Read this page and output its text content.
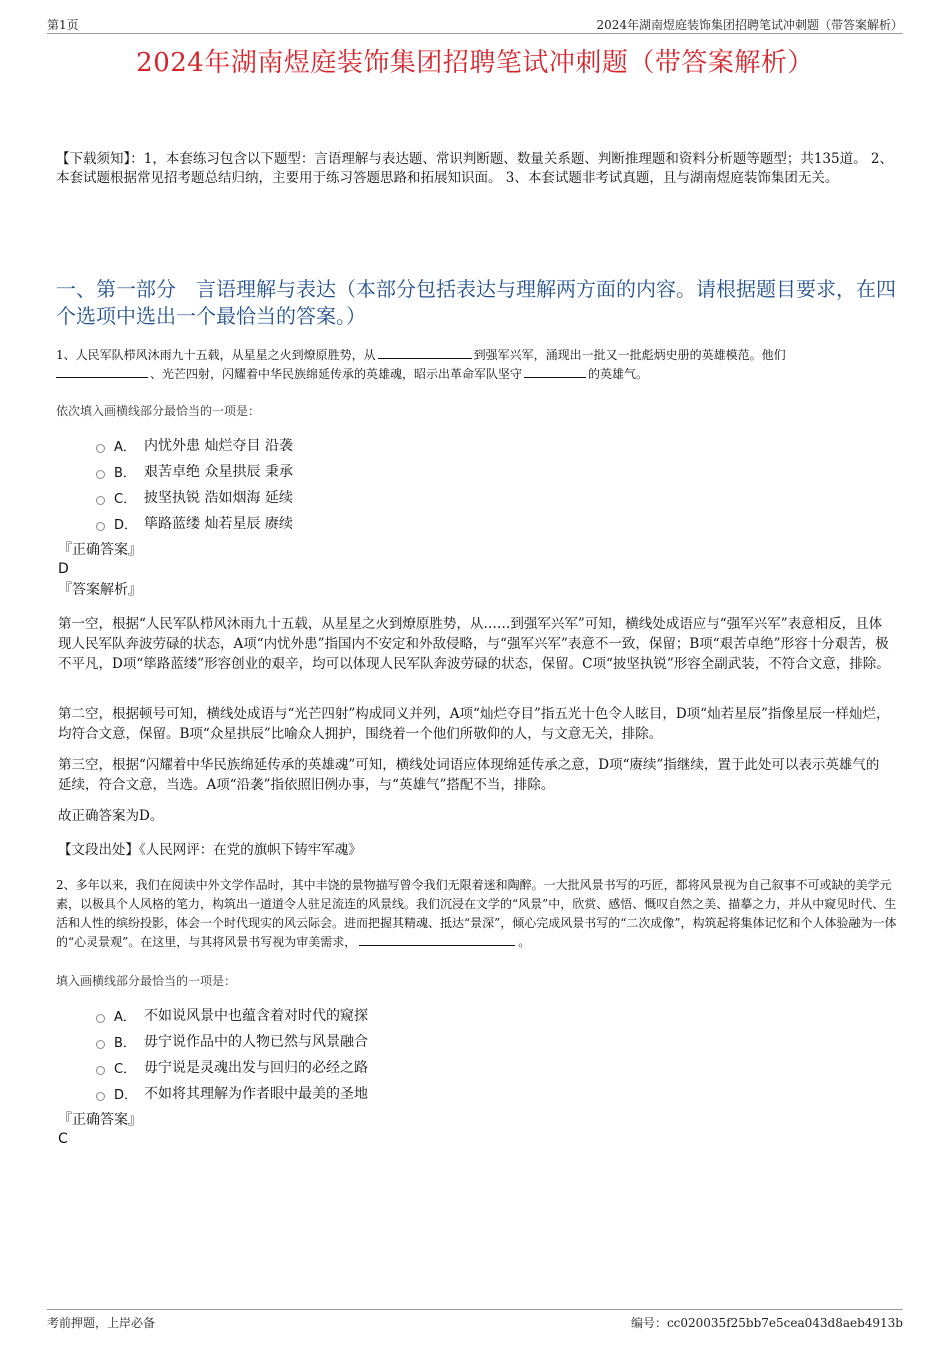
第1页	2024年湖南煜庭装饰集团招聘笔试冲刺题（带答案解析）
2024年湖南煜庭装饰集团招聘笔试冲刺题（带答案解析）
【下载须知】：1，本套练习包含以下题型：言语理解与表达题、常识判断题、数量关系题、判断推理题和资料分析题等题型；共135道。 2、本套试题根据常见招考题总结归纳，主要用于练习答题思路和拓展知识面。 3、本套试题非考试真题，且与湖南煜庭装饰集团无关。
一、第一部分　言语理解与表达（本部分包括表达与理解两方面的内容。请根据题目要求，在四个选项中选出一个最恰当的答案。）
1、人民军队栉风沐雨九十五载，从星星之火到燎原胜势，从	到强军兴军，涌现出一批又一批彪炳史册的英雄模范。他们
、光芒四射，闪耀着中华民族绵延传承的英雄魂，昭示出革命军队坚守	的英雄气。
依次填入画横线部分最恰当的一项是：
A． 内忧外患 灿烂夺目 沿袭
B． 艰苦卓绝 众星拱辰 秉承
C． 披坚执锐 浩如烟海 延续
D． 筚路蓝缕 灿若星辰 赓续
『正确答案』
D
『答案解析』
第一空，根据“人民军队栉风沐雨九十五载，从星星之火到燎原胜势，从……到强军兴军”可知，横线处成语应与“强军兴军”表意相反，且体现人民军队奔波劳碌的状态，A项“内忧外患”指国内不安定和外敌侵略，与“强军兴军”表意不一致，保留；B项“艰苦卓绝”形容十分艰苦，极不平凡，D项“筚路蓝缕”形容创业的艰辛，均可以体现人民军队奔波劳碌的状态，保留。C项“披坚执锐”形容全副武装，不符合文意，排除。
第二空，根据顿号可知，横线处成语与“光芒四射”构成同义并列，A项“灿烂夺目”指五光十色令人眩目，D项“灿若星辰”指像星辰一样灿烂，均符合文意，保留。B项“众星拱辰”比喻众人拥护，围绕着一个他们所敬仰的人，与文意无关，排除。
第三空，根据“闪耀着中华民族绵延传承的英雄魂”可知，横线处词语应体现绵延传承之意，D项“赓续”指继续，置于此处可以表示英雄气的延续，符合文意，当选。A项“沿袭”指依照旧例办事，与“英雄气”搭配不当，排除。
故正确答案为D。
【文段出处】《人民网评：在党的旗帜下铸牢军魂》
2、多年以来，我们在阅读中外文学作品时，其中丰饶的景物描写曾令我们无限着迷和陶醉。一大批风景书写的巧匠，都将风景视为自己叙事不可或缺的美学元素，以极具个人风格的笔力，构筑出一道道令人驻足流连的风景线。我们沉浸在文学的“风景”中，欣赏、感悟、慨叹自然之美、描摹之力，并从中窥见时代、生活和人性的缤纷投影，体会一个时代现实的风云际会。进而把握其精魂、抵达“景深”，倾心完成风景书写的“二次成像”，构筑起将集体记忆和个人体验融为一体的“心灵景观”。在这里，与其将风景书写视为审美需求，	。
填入画横线部分最恰当的一项是：
A． 不如说风景中也蕴含着对时代的窥探
B． 毋宁说作品中的人物已然与风景融合
C． 毋宁说是灵魂出发与回归的必经之路
D． 不如将其理解为作者眼中最美的圣地
『正确答案』
C
考前押题，上岸必备	编号：cc020035f25bb7e5cea043d8aeb4913b
